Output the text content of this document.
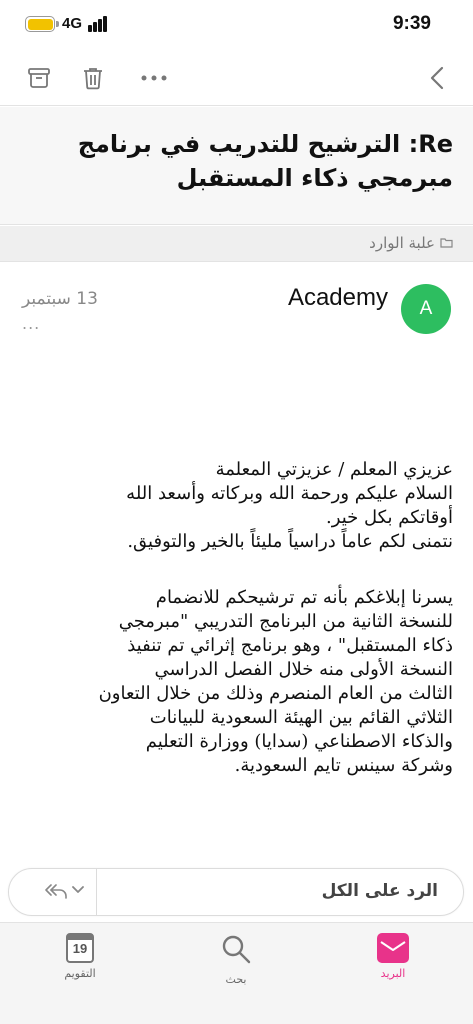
4G	9:39
Re: الترشيح للتدريب في برنامج مبرمجي ذكاء المستقبل
علبة الوارد
A
Academy
13 سبتمبر
...

عزيزي المعلم / عزيزتي المعلمة

السلام عليكم ورحمة الله وبركاته وأسعد الله

أوقاتكم بكل خير.

نتمنى لكم عاماً دراسياً مليئاً بالخير والتوفيق.

يسرنا إبلاغكم بأنه تم ترشيحكم للانضمام

للنسخة الثانية من البرنامج التدريبي "مبرمجي

ذكاء المستقبل" ، وهو برنامج إثرائي تم تنفيذ

النسخة الأولى منه خلال الفصل الدراسي

الثالث من العام المنصرم وذلك من خلال التعاون

الثلاثي القائم بين الهيئة السعودية للبيانات

والذكاء الاصطناعي (سدايا) ووزارة التعليم

وشركة سينس تايم السعودية.

الرد على الكل
19
التقويم	بحث	البريد
